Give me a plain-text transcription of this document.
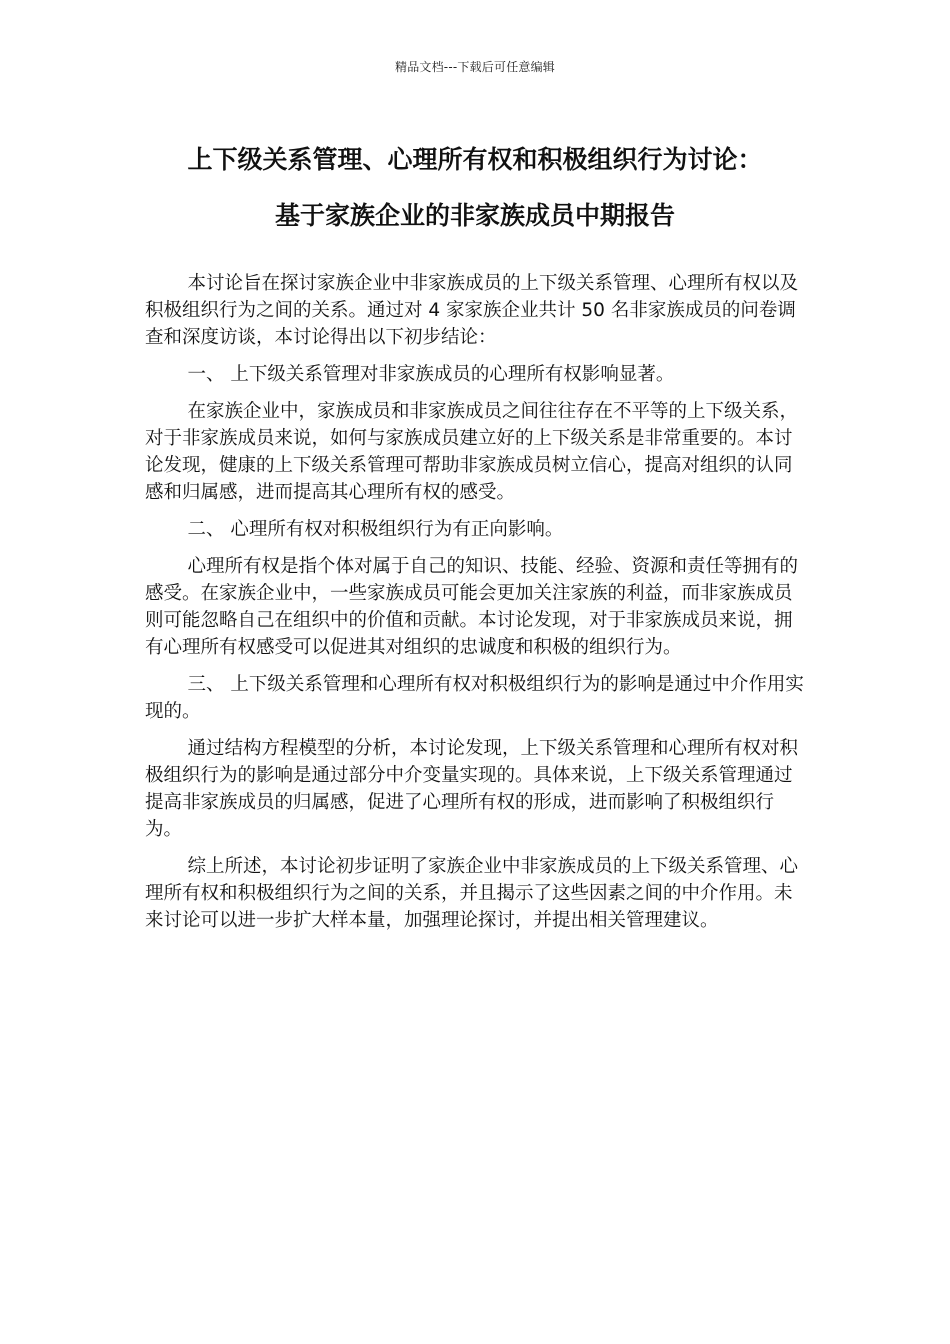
精品文档---下载后可任意编辑
上下级关系管理、心理所有权和积极组织行为讨论：
基于家族企业的非家族成员中期报告

本讨论旨在探讨家族企业中非家族成员的上下级关系管理、心理所有权以及积极组织行为之间的关系。通过对 4 家家族企业共计 50 名非家族成员的问卷调查和深度访谈，本讨论得出以下初步结论：

一、 上下级关系管理对非家族成员的心理所有权影响显著。

在家族企业中，家族成员和非家族成员之间往往存在不平等的上下级关系，对于非家族成员来说，如何与家族成员建立好的上下级关系是非常重要的。本讨论发现，健康的上下级关系管理可帮助非家族成员树立信心，提高对组织的认同感和归属感，进而提高其心理所有权的感受。

二、 心理所有权对积极组织行为有正向影响。

心理所有权是指个体对属于自己的知识、技能、经验、资源和责任等拥有的感受。在家族企业中，一些家族成员可能会更加关注家族的利益，而非家族成员则可能忽略自己在组织中的价值和贡献。本讨论发现，对于非家族成员来说，拥有心理所有权感受可以促进其对组织的忠诚度和积极的组织行为。

三、 上下级关系管理和心理所有权对积极组织行为的影响是通过中介作用实现的。

通过结构方程模型的分析，本讨论发现，上下级关系管理和心理所有权对积极组织行为的影响是通过部分中介变量实现的。具体来说，上下级关系管理通过提高非家族成员的归属感，促进了心理所有权的形成，进而影响了积极组织行为。

综上所述，本讨论初步证明了家族企业中非家族成员的上下级关系管理、心理所有权和积极组织行为之间的关系，并且揭示了这些因素之间的中介作用。未来讨论可以进一步扩大样本量，加强理论探讨，并提出相关管理建议。
